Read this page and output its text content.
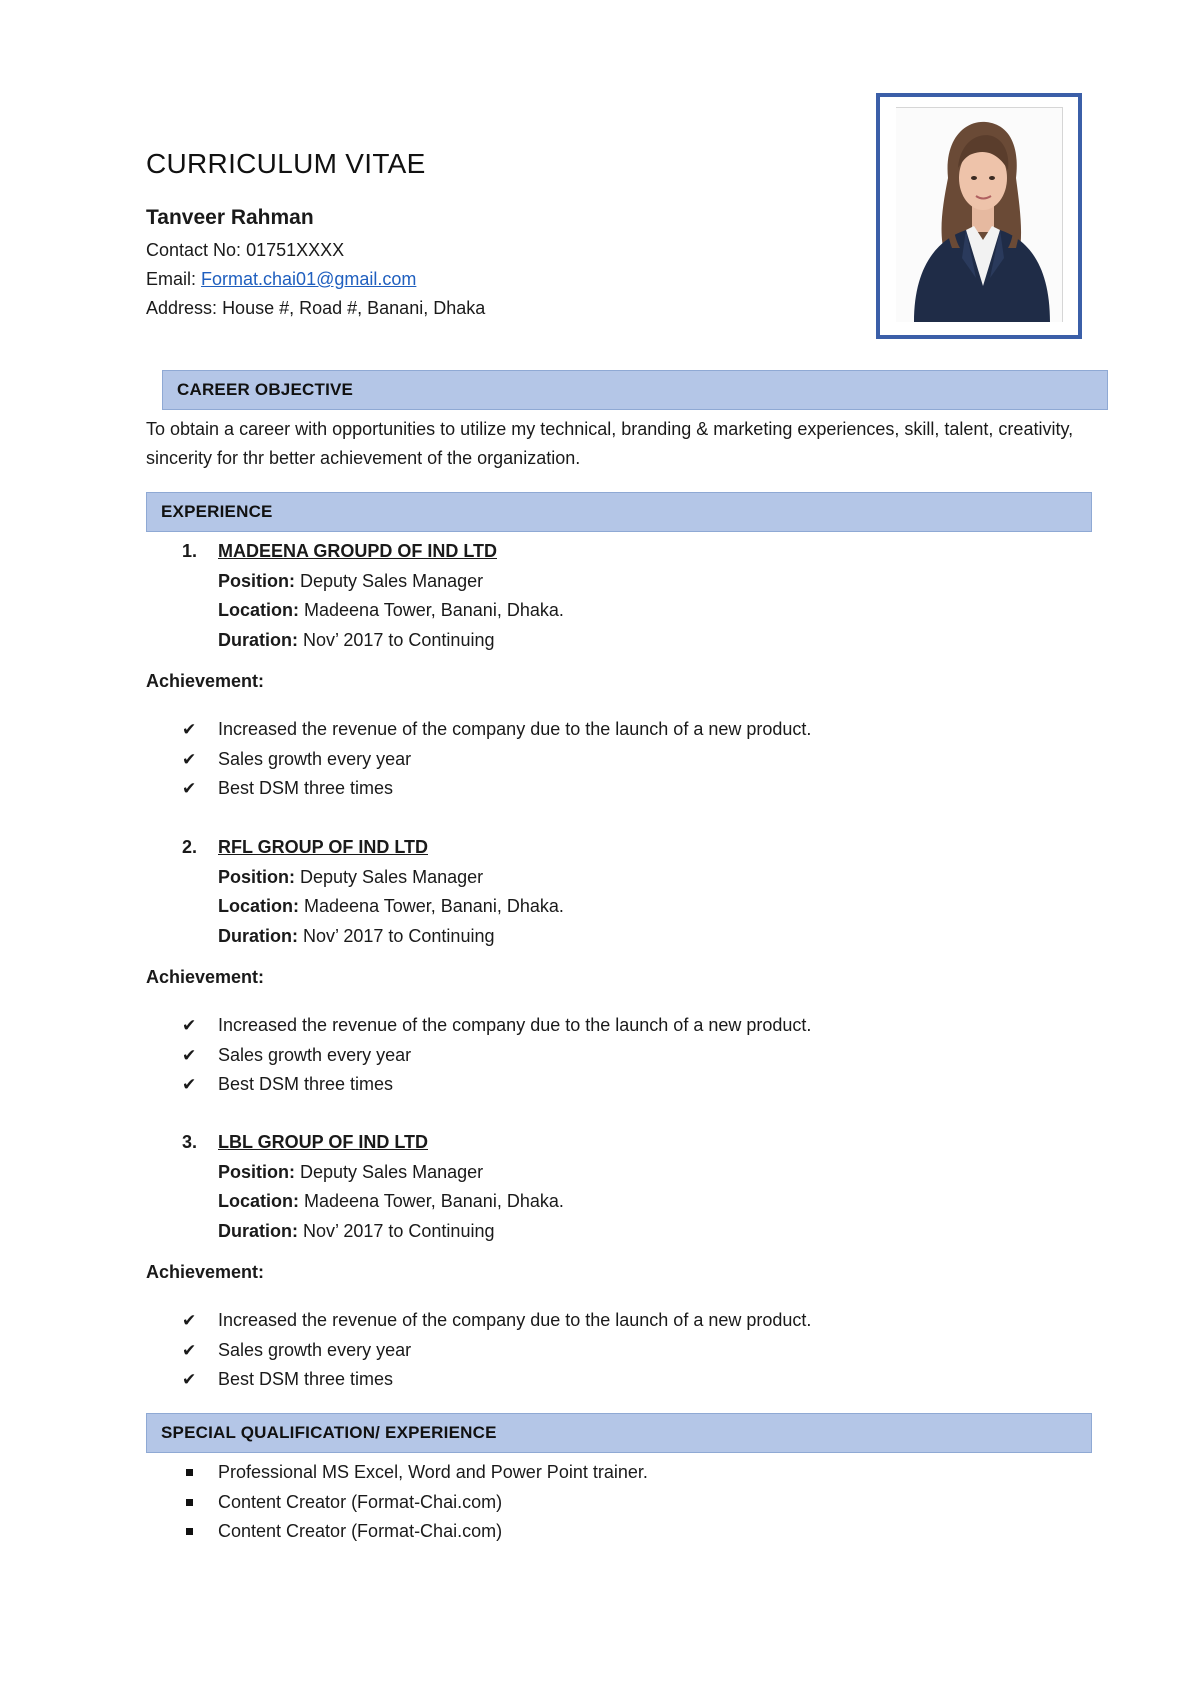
CURRICULUM VITAE
Tanveer Rahman
Contact No: 01751XXXX
Email: Format.chai01@gmail.com
Address: House #, Road #, Banani, Dhaka
CAREER OBJECTIVE
To obtain a career with opportunities to utilize my technical, branding & marketing experiences, skill, talent, creativity, sincerity for thr better achievement of the organization.
EXPERIENCE
1. MADEENA GROUPD OF IND LTD
Position: Deputy Sales Manager
Location: Madeena Tower, Banani, Dhaka.
Duration: Nov’ 2017 to Continuing
Achievement:
✔ Increased the revenue of the company due to the launch of a new product.
✔ Sales growth every year
✔ Best DSM three times
2. RFL GROUP OF IND LTD
Position: Deputy Sales Manager
Location: Madeena Tower, Banani, Dhaka.
Duration: Nov’ 2017 to Continuing
Achievement:
✔ Increased the revenue of the company due to the launch of a new product.
✔ Sales growth every year
✔ Best DSM three times
3. LBL GROUP OF IND LTD
Position: Deputy Sales Manager
Location: Madeena Tower, Banani, Dhaka.
Duration: Nov’ 2017 to Continuing
Achievement:
✔ Increased the revenue of the company due to the launch of a new product.
✔ Sales growth every year
✔ Best DSM three times
SPECIAL QUALIFICATION/ EXPERIENCE
Professional MS Excel, Word and Power Point trainer.
Content Creator (Format-Chai.com)
Content Creator (Format-Chai.com)
